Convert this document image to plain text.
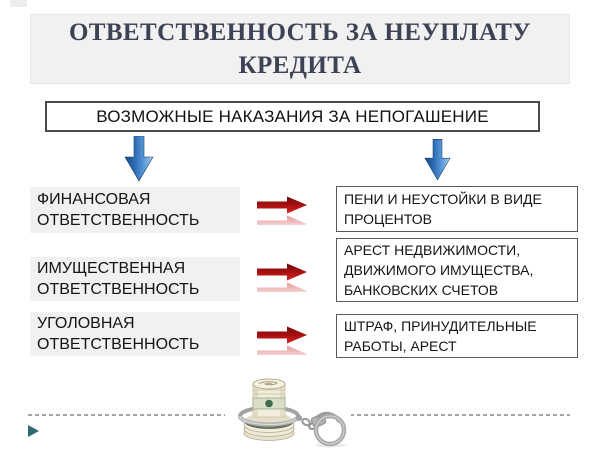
ОТВЕТСТВЕННОСТЬ ЗА НЕУПЛАТУ КРЕДИТА
ВОЗМОЖНЫЕ НАКАЗАНИЯ ЗА НЕПОГАШЕНИЕ
ФИНАНСОВАЯ ОТВЕТСТВЕННОСТЬ
ПЕНИ И НЕУСТОЙКИ В ВИДЕ ПРОЦЕНТОВ
ИМУЩЕСТВЕННАЯ ОТВЕТСТВЕННОСТЬ
АРЕСТ НЕДВИЖИМОСТИ, ДВИЖИМОГО ИМУЩЕСТВА, БАНКОВСКИХ СЧЕТОВ
УГОЛОВНАЯ ОТВЕТСТВЕННОСТЬ
ШТРАФ, ПРИНУДИТЕЛЬНЫЕ РАБОТЫ, АРЕСТ
